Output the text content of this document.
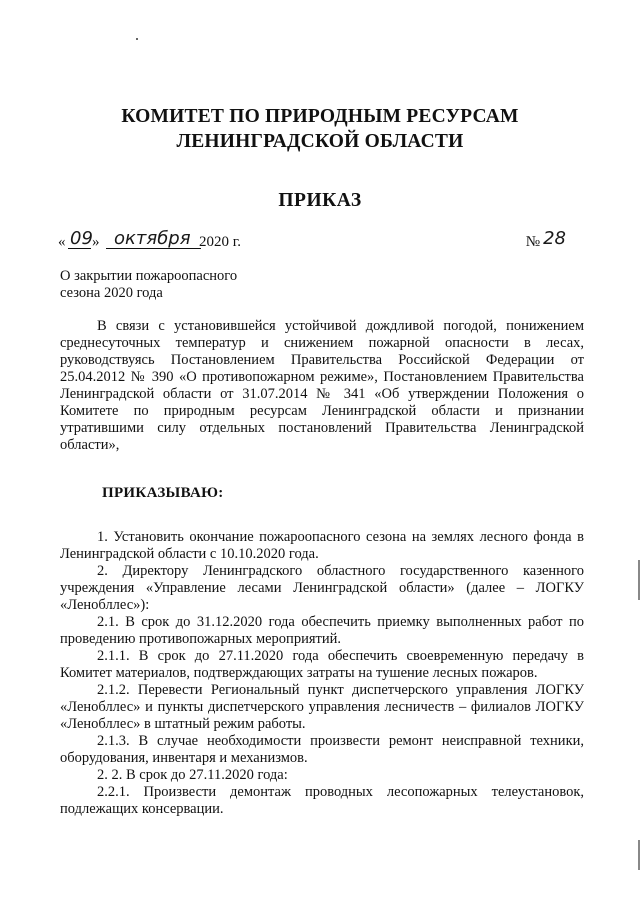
КОМИТЕТ ПО ПРИРОДНЫМ РЕСУРСАМ
ЛЕНИНГРАДСКОЙ ОБЛАСТИ
ПРИКАЗ
« 09 » октября 2020 г.	№ 28
О закрытии пожароопасного
сезона 2020 года

В связи с установившейся устойчивой дождливой погодой, понижением среднесуточных температур и снижением пожарной опасности в лесах, руководствуясь Постановлением Правительства Российской Федерации от 25.04.2012 № 390 «О противопожарном режиме», Постановлением Правительства Ленинградской области от 31.07.2014 № 341 «Об утверждении Положения о Комитете по природным ресурсам Ленинградской области и признании утратившими силу отдельных постановлений Правительства Ленинградской области»,

ПРИКАЗЫВАЮ:

1. Установить окончание пожароопасного сезона на землях лесного фонда в Ленинградской области с 10.10.2020 года.

2. Директору Ленинградского областного государственного казенного учреждения «Управление лесами Ленинградской области» (далее – ЛОГКУ «Ленобллес»):

2.1. В срок до 31.12.2020 года обеспечить приемку выполненных работ по проведению противопожарных мероприятий.

2.1.1. В срок до 27.11.2020 года обеспечить своевременную передачу в Комитет материалов, подтверждающих затраты на тушение лесных пожаров.

2.1.2. Перевести Региональный пункт диспетчерского управления ЛОГКУ «Ленобллес» и пункты диспетчерского управления лесничеств – филиалов ЛОГКУ «Ленобллес» в штатный режим работы.

2.1.3. В случае необходимости произвести ремонт неисправной техники, оборудования, инвентаря и механизмов.

2. 2. В срок до 27.11.2020 года:

2.2.1. Произвести демонтаж проводных лесопожарных телеустановок, подлежащих консервации.
